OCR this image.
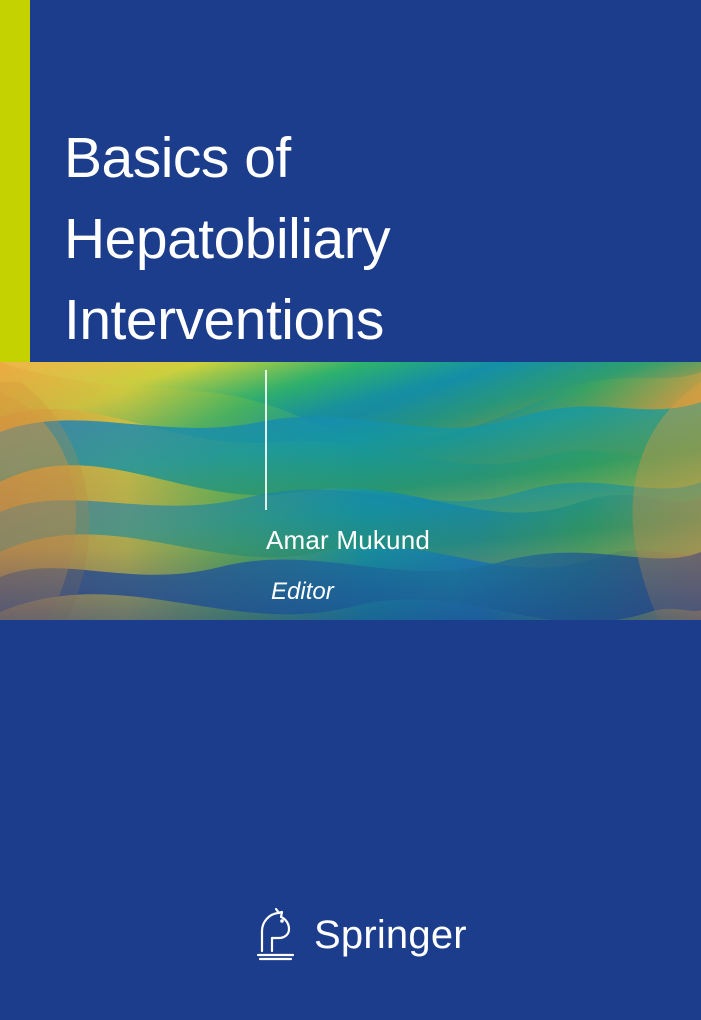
Basics of
Hepatobiliary
Interventions

Amar Mukund

Editor

Springer
